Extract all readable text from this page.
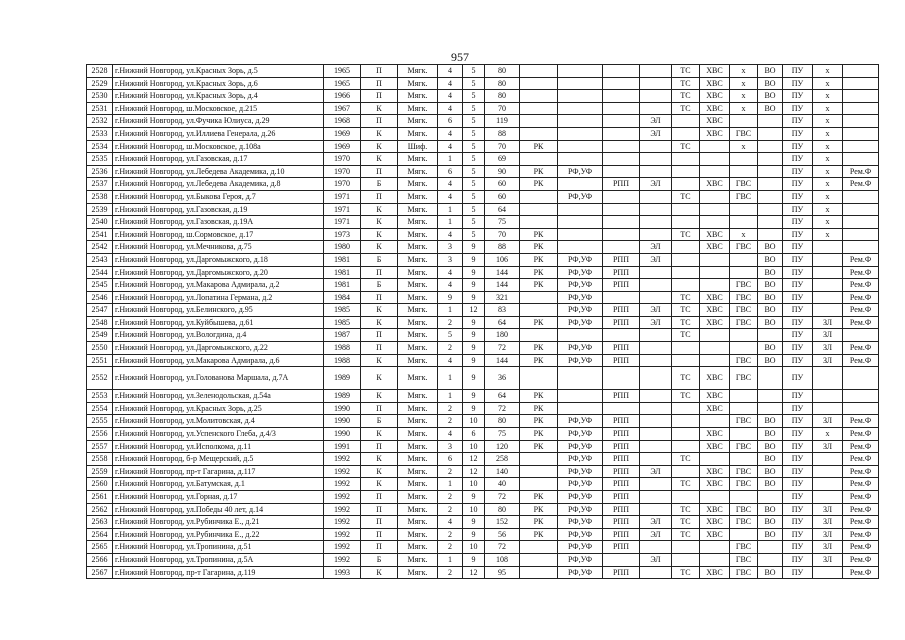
957
2528	г.Нижний Новгород, ул.Красных Зорь, д.5	1965	П	Мягк.	4	5	80					ТС	ХВС	х	ВО	ПУ	х	
2529	г.Нижний Новгород, ул.Красных Зорь, д.6	1965	П	Мягк.	4	5	80					ТС	ХВС	х	ВО	ПУ	х	
2530	г.Нижний Новгород, ул.Красных Зорь, д.4	1966	П	Мягк.	4	5	80					ТС	ХВС	х	ВО	ПУ	х	
2531	г.Нижний Новгород, ш.Московское, д.215	1967	К	Мягк.	4	5	70					ТС	ХВС	х	ВО	ПУ	х	
2532	г.Нижний Новгород, ул.Фучика Юлиуса, д.29	1968	П	Мягк.	6	5	119				ЭЛ		ХВС			ПУ	х	
2533	г.Нижний Новгород, ул.Иллиева Генерала, д.26	1969	К	Мягк.	4	5	88				ЭЛ		ХВС	ГВС		ПУ	х	
2534	г.Нижний Новгород, ш.Московское, д.108а	1969	К	Шиф.	4	5	70	РК				ТС		х		ПУ	х	
2535	г.Нижний Новгород, ул.Газовская, д.17	1970	К	Мягк.	1	5	69									ПУ	х	
2536	г.Нижний Новгород, ул.Лебедева Академика, д.10	1970	П	Мягк.	6	5	90	РК	РФ,УФ							ПУ	х	Рем.Ф
2537	г.Нижний Новгород, ул.Лебедева Академика, д.8	1970	Б	Мягк.	4	5	60	РК		РПП	ЭЛ		ХВС	ГВС		ПУ	х	Рем.Ф
2538	г.Нижний Новгород, ул.Быкова Героя, д.7	1971	П	Мягк.	4	5	60		РФ,УФ			ТС		ГВС		ПУ	х	
2539	г.Нижний Новгород, ул.Газовская, д.19	1971	К	Мягк.	1	5	64									ПУ	х	
2540	г.Нижний Новгород, ул.Газовская, д.19А	1971	К	Мягк.	1	5	75									ПУ	х	
2541	г.Нижний Новгород, ш.Сормовское, д.17	1973	К	Мягк.	4	5	70	РК				ТС	ХВС	х		ПУ	х	
2542	г.Нижний Новгород, ул.Мечникова, д.75	1980	К	Мягк.	3	9	88	РК			ЭЛ		ХВС	ГВС	ВО	ПУ		
2543	г.Нижний Новгород, ул.Даргомыжского, д.18	1981	Б	Мягк.	3	9	106	РК	РФ,УФ	РПП	ЭЛ				ВО	ПУ		Рем.Ф
2544	г.Нижний Новгород, ул.Даргомыжского, д.20	1981	П	Мягк.	4	9	144	РК	РФ,УФ	РПП					ВО	ПУ		Рем.Ф
2545	г.Нижний Новгород, ул.Макарова Адмирала, д.2	1981	Б	Мягк.	4	9	144	РК	РФ,УФ	РПП				ГВС	ВО	ПУ		Рем.Ф
2546	г.Нижний Новгород, ул.Лопатина Германа, д.2	1984	П	Мягк.	9	9	321		РФ,УФ			ТС	ХВС	ГВС	ВО	ПУ		Рем.Ф
2547	г.Нижний Новгород, ул.Белинского, д.95	1985	К	Мягк.	1	12	83		РФ,УФ	РПП	ЭЛ	ТС	ХВС	ГВС	ВО	ПУ		Рем.Ф
2548	г.Нижний Новгород, ул.Куйбышева, д.61	1985	К	Мягк.	2	9	64	РК	РФ,УФ	РПП	ЭЛ	ТС	ХВС	ГВС	ВО	ПУ	ЗЛ	Рем.Ф
2549	г.Нижний Новгород, ул.Вологдина, д.4	1987	П	Мягк.	5	9	180					ТС				ПУ	ЗЛ	
2550	г.Нижний Новгород, ул.Даргомыжского, д.22	1988	П	Мягк.	2	9	72	РК	РФ,УФ	РПП					ВО	ПУ	ЗЛ	Рем.Ф
2551	г.Нижний Новгород, ул.Макарова Адмирала, д.6	1988	К	Мягк.	4	9	144	РК	РФ,УФ	РПП				ГВС	ВО	ПУ	ЗЛ	Рем.Ф
2552	г.Нижний Новгород, ул.Голованова Маршала, д.7А	1989	К	Мягк.	1	9	36					ТС	ХВС	ГВС		ПУ		
2553	г.Нижний Новгород, ул.Зеленодольская, д.54а	1989	К	Мягк.	1	9	64	РК		РПП		ТС	ХВС			ПУ		
2554	г.Нижний Новгород, ул.Красных Зорь, д.25	1990	П	Мягк.	2	9	72	РК					ХВС			ПУ		
2555	г.Нижний Новгород, ул.Молитовская, д.4	1990	Б	Мягк.	2	10	80	РК	РФ,УФ	РПП				ГВС	ВО	ПУ	ЗЛ	Рем.Ф
2556	г.Нижний Новгород, ул.Успенского Глеба, д.4/3	1990	К	Мягк.	4	6	75	РК	РФ,УФ	РПП			ХВС		ВО	ПУ	х	Рем.Ф
2557	г.Нижний Новгород, ул.Исполкома, д.11	1991	П	Мягк.	3	10	120	РК	РФ,УФ	РПП			ХВС	ГВС	ВО	ПУ	ЗЛ	Рем.Ф
2558	г.Нижний Новгород, б-р Мещерский, д.5	1992	К	Мягк.	6	12	258		РФ,УФ	РПП		ТС			ВО	ПУ		Рем.Ф
2559	г.Нижний Новгород, пр-т Гагарина, д.117	1992	К	Мягк.	2	12	140		РФ,УФ	РПП	ЭЛ		ХВС	ГВС	ВО	ПУ		Рем.Ф
2560	г.Нижний Новгород, ул.Батумская, д.1	1992	К	Мягк.	1	10	40		РФ,УФ	РПП		ТС	ХВС	ГВС	ВО	ПУ		Рем.Ф
2561	г.Нижний Новгород, ул.Горная, д.17	1992	П	Мягк.	2	9	72	РК	РФ,УФ	РПП						ПУ		Рем.Ф
2562	г.Нижний Новгород, ул.Победы 40 лет, д.14	1992	П	Мягк.	2	10	80	РК	РФ,УФ	РПП		ТС	ХВС	ГВС	ВО	ПУ	ЗЛ	Рем.Ф
2563	г.Нижний Новгород, ул.Рубинчика Е., д.21	1992	П	Мягк.	4	9	152	РК	РФ,УФ	РПП	ЭЛ	ТС	ХВС	ГВС	ВО	ПУ	ЗЛ	Рем.Ф
2564	г.Нижний Новгород, ул.Рубинчика Е., д.22	1992	П	Мягк.	2	9	56	РК	РФ,УФ	РПП	ЭЛ	ТС	ХВС		ВО	ПУ	ЗЛ	Рем.Ф
2565	г.Нижний Новгород, ул.Тропинина, д.51	1992	П	Мягк.	2	10	72		РФ,УФ	РПП				ГВС		ПУ	ЗЛ	Рем.Ф
2566	г.Нижний Новгород, ул.Тропинина, д.5А	1992	Б	Мягк.	1	9	108		РФ,УФ		ЭЛ			ГВС		ПУ	ЗЛ	Рем.Ф
2567	г.Нижний Новгород, пр-т Гагарина, д.119	1993	К	Мягк.	2	12	95		РФ,УФ	РПП		ТС	ХВС	ГВС	ВО	ПУ		Рем.Ф
